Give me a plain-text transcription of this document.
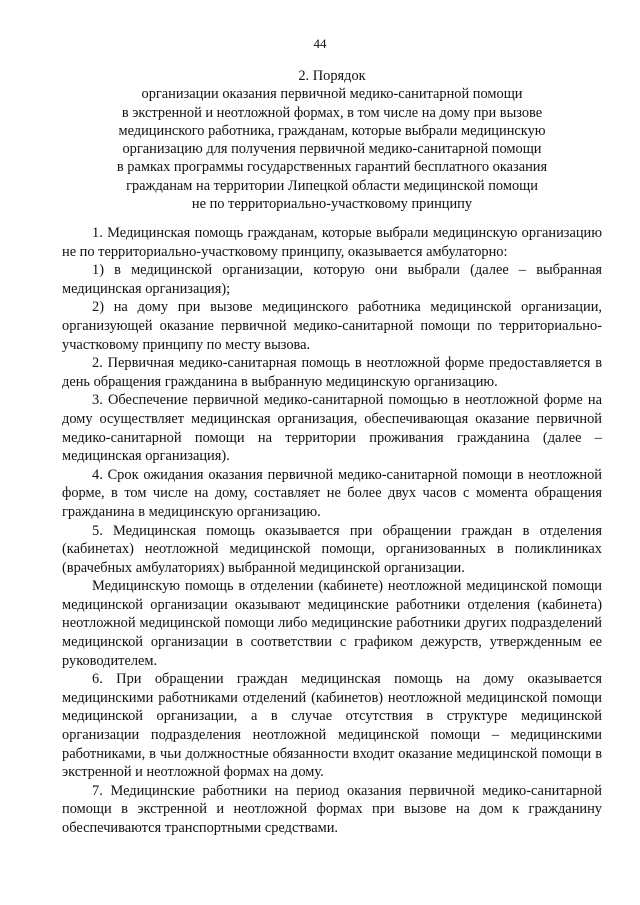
44
2. Порядок
организации оказания первичной медико-санитарной помощи
в экстренной и неотложной формах, в том числе на дому при вызове
медицинского работника, гражданам, которые выбрали медицинскую
организацию для получения первичной медико-санитарной помощи
в рамках программы государственных гарантий бесплатного оказания
гражданам на территории Липецкой области медицинской помощи
не по территориально-участковому принципу

1. Медицинская помощь гражданам, которые выбрали медицинскую организацию не по территориально-участковому принципу, оказывается амбулаторно:

1) в медицинской организации, которую они выбрали (далее – выбранная медицинская организация);

2) на дому при вызове медицинского работника медицинской организации, организующей оказание первичной медико-санитарной помощи по территориально-участковому принципу по месту вызова.

2. Первичная медико-санитарная помощь в неотложной форме предоставляется в день обращения гражданина в выбранную медицинскую организацию.

3. Обеспечение первичной медико-санитарной помощью в неотложной форме на дому осуществляет медицинская организация, обеспечивающая оказание первичной медико-санитарной помощи на территории проживания гражданина (далее – медицинская организация).

4. Срок ожидания оказания первичной медико-санитарной помощи в неотложной форме, в том числе на дому, составляет не более двух часов с момента обращения гражданина в медицинскую организацию.

5. Медицинская помощь оказывается при обращении граждан в отделения (кабинетах) неотложной медицинской помощи, организованных в поликлиниках (врачебных амбулаториях) выбранной медицинской организации.

Медицинскую помощь в отделении (кабинете) неотложной медицинской помощи медицинской организации оказывают медицинские работники отделения (кабинета) неотложной медицинской помощи либо медицинские работники других подразделений медицинской организации в соответствии с графиком дежурств, утвержденным ее руководителем.

6. При обращении граждан медицинская помощь на дому оказывается медицинскими работниками отделений (кабинетов) неотложной медицинской помощи медицинской организации, а в случае отсутствия в структуре медицинской организации подразделения неотложной медицинской помощи – медицинскими работниками, в чьи должностные обязанности входит оказание медицинской помощи в экстренной и неотложной формах на дому.

7. Медицинские работники на период оказания первичной медико-санитарной помощи в экстренной и неотложной формах при вызове на дом к гражданину обеспечиваются транспортными средствами.
